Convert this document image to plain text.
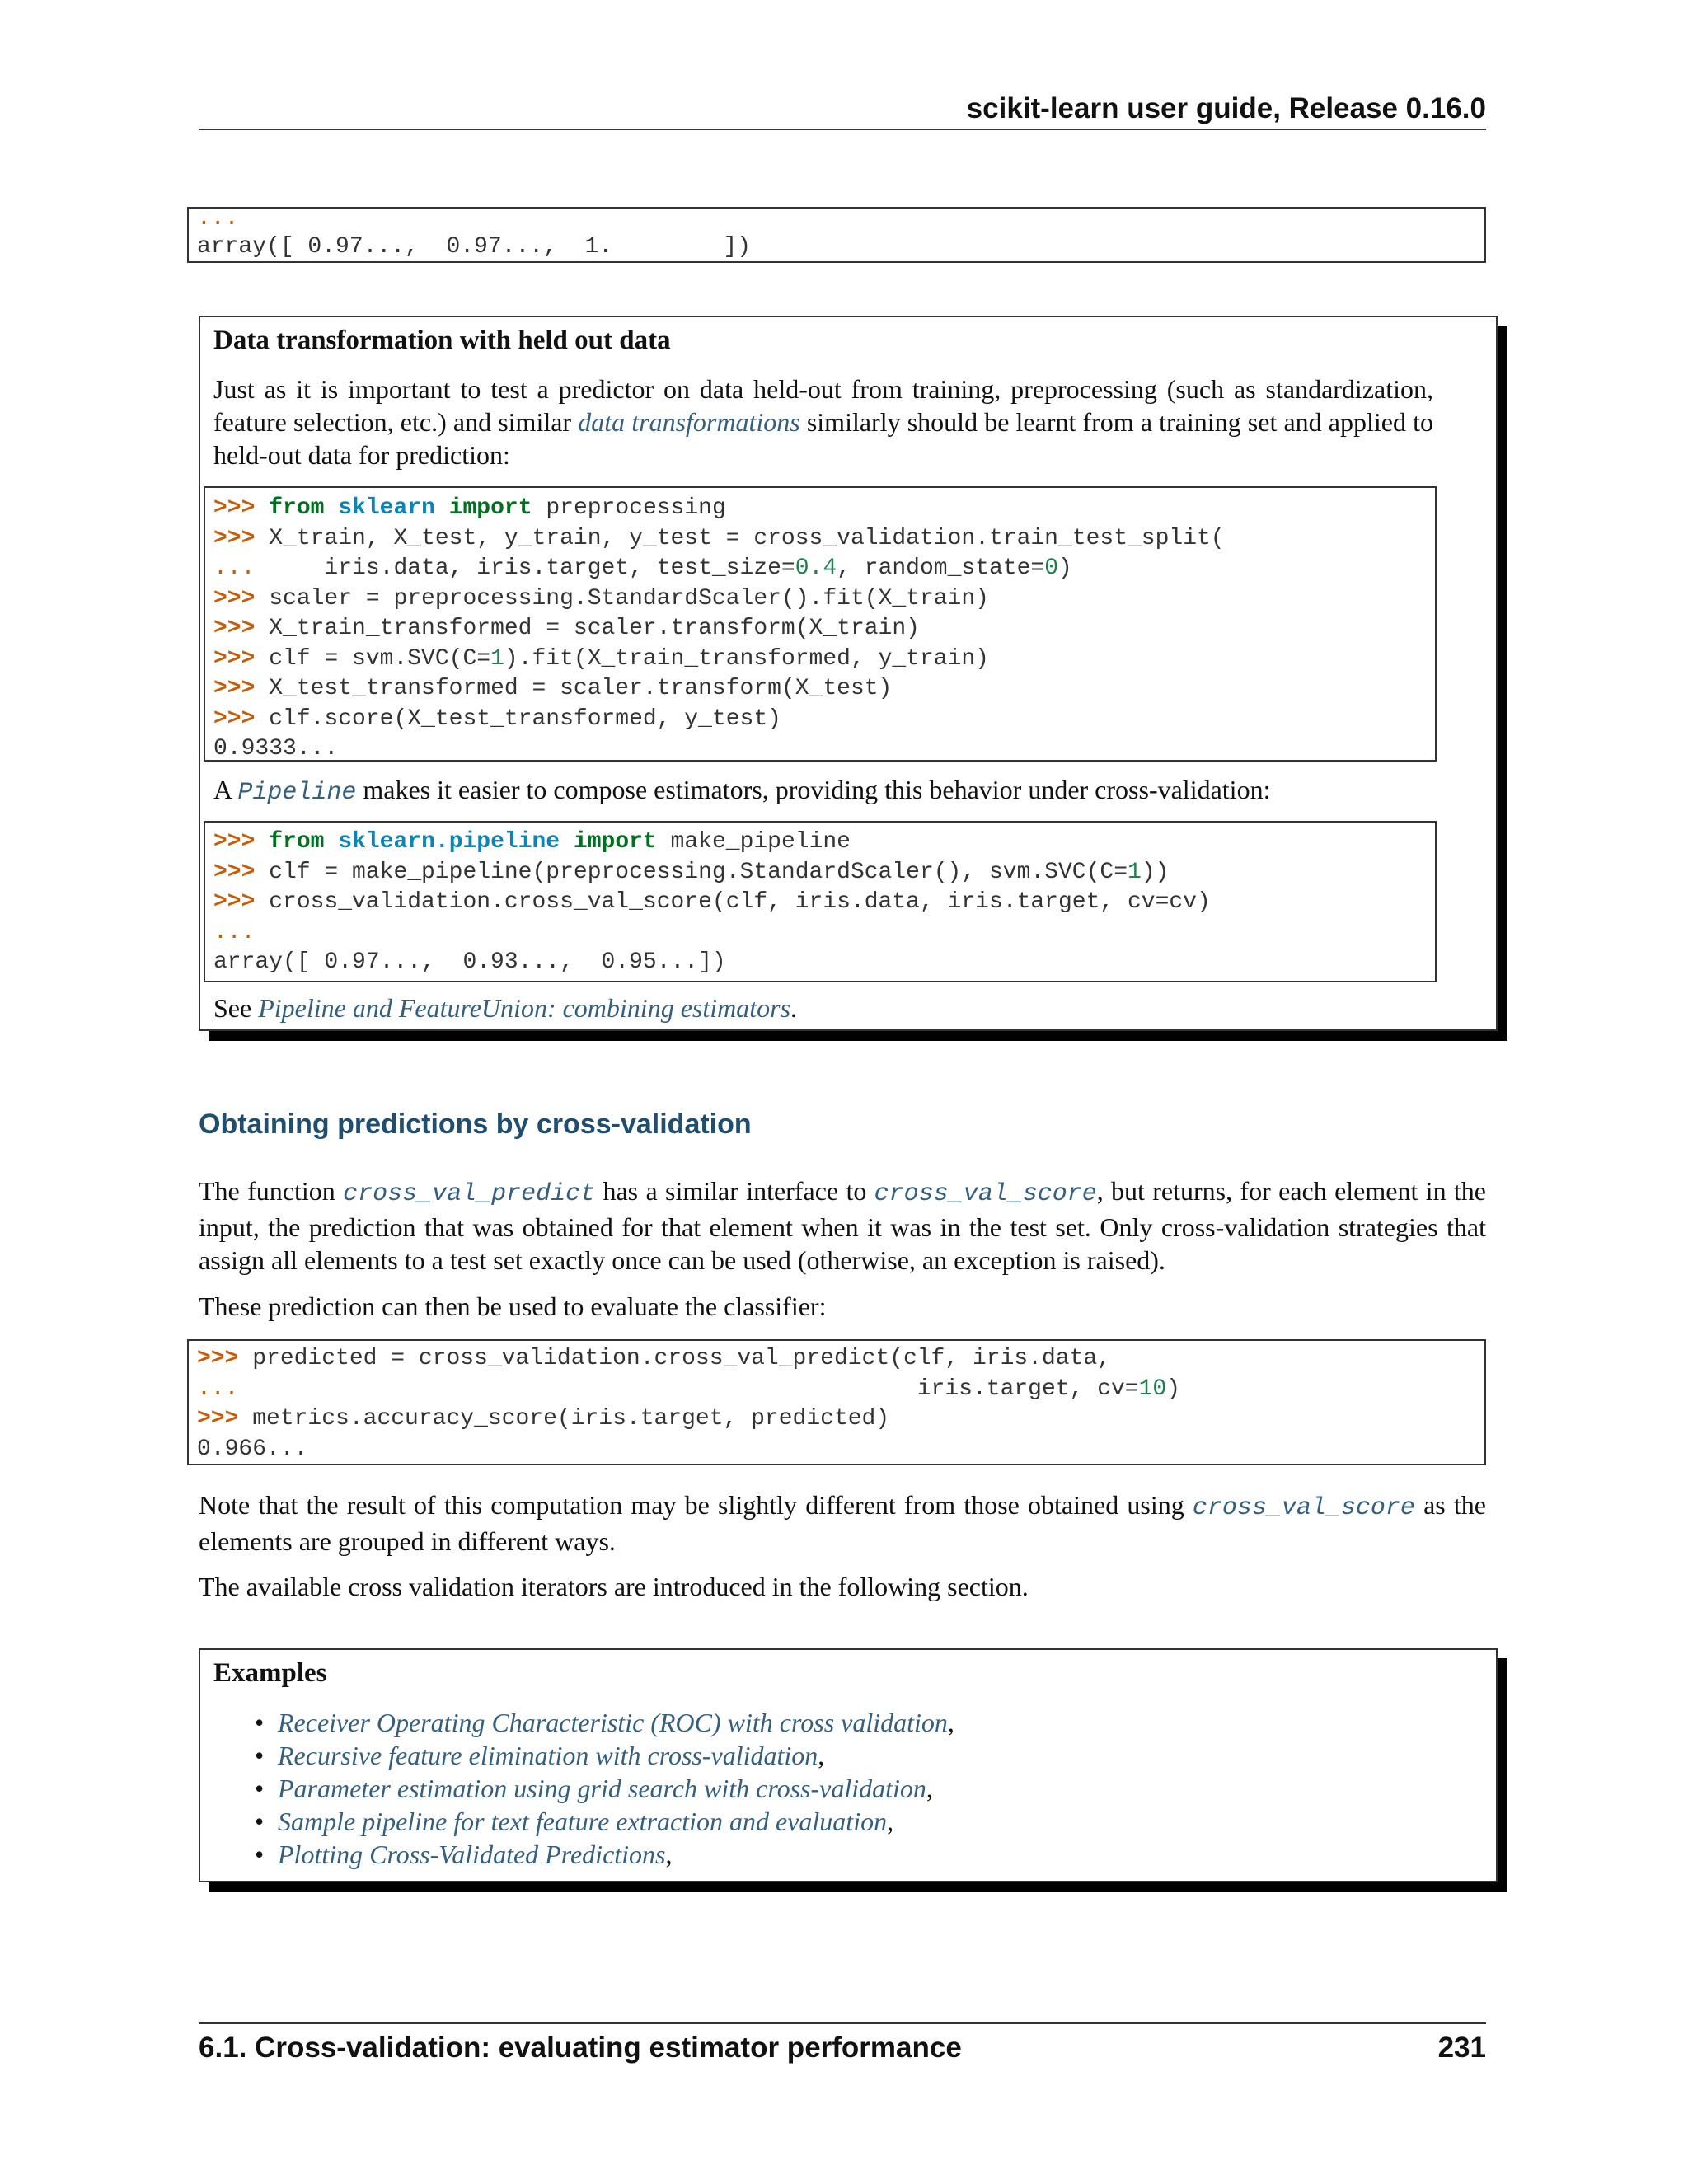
scikit-learn user guide, Release 0.16.0
...
array([ 0.97...,  0.97...,  1.        ])
Data transformation with held out data
Just as it is important to test a predictor on data held-out from training, preprocessing (such as standardization, feature selection, etc.) and similar data transformations similarly should be learnt from a training set and applied to held-out data for prediction:
>>> from sklearn import preprocessing
>>> X_train, X_test, y_train, y_test = cross_validation.train_test_split(
...     iris.data, iris.target, test_size=0.4, random_state=0)
>>> scaler = preprocessing.StandardScaler().fit(X_train)
>>> X_train_transformed = scaler.transform(X_train)
>>> clf = svm.SVC(C=1).fit(X_train_transformed, y_train)
>>> X_test_transformed = scaler.transform(X_test)
>>> clf.score(X_test_transformed, y_test)
0.9333...
A Pipeline makes it easier to compose estimators, providing this behavior under cross-validation:
>>> from sklearn.pipeline import make_pipeline
>>> clf = make_pipeline(preprocessing.StandardScaler(), svm.SVC(C=1))
>>> cross_validation.cross_val_score(clf, iris.data, iris.target, cv=cv)
...
array([ 0.97...,  0.93...,  0.95...])
See Pipeline and FeatureUnion: combining estimators.
Obtaining predictions by cross-validation
The function cross_val_predict has a similar interface to cross_val_score, but returns, for each element in the input, the prediction that was obtained for that element when it was in the test set. Only cross-validation strategies that assign all elements to a test set exactly once can be used (otherwise, an exception is raised).
These prediction can then be used to evaluate the classifier:
>>> predicted = cross_validation.cross_val_predict(clf, iris.data,
...                                                 iris.target, cv=10)
>>> metrics.accuracy_score(iris.target, predicted)
0.966...
Note that the result of this computation may be slightly different from those obtained using cross_val_score as the elements are grouped in different ways.
The available cross validation iterators are introduced in the following section.
Examples
• Receiver Operating Characteristic (ROC) with cross validation,
• Recursive feature elimination with cross-validation,
• Parameter estimation using grid search with cross-validation,
• Sample pipeline for text feature extraction and evaluation,
• Plotting Cross-Validated Predictions,
6.1. Cross-validation: evaluating estimator performance	231
